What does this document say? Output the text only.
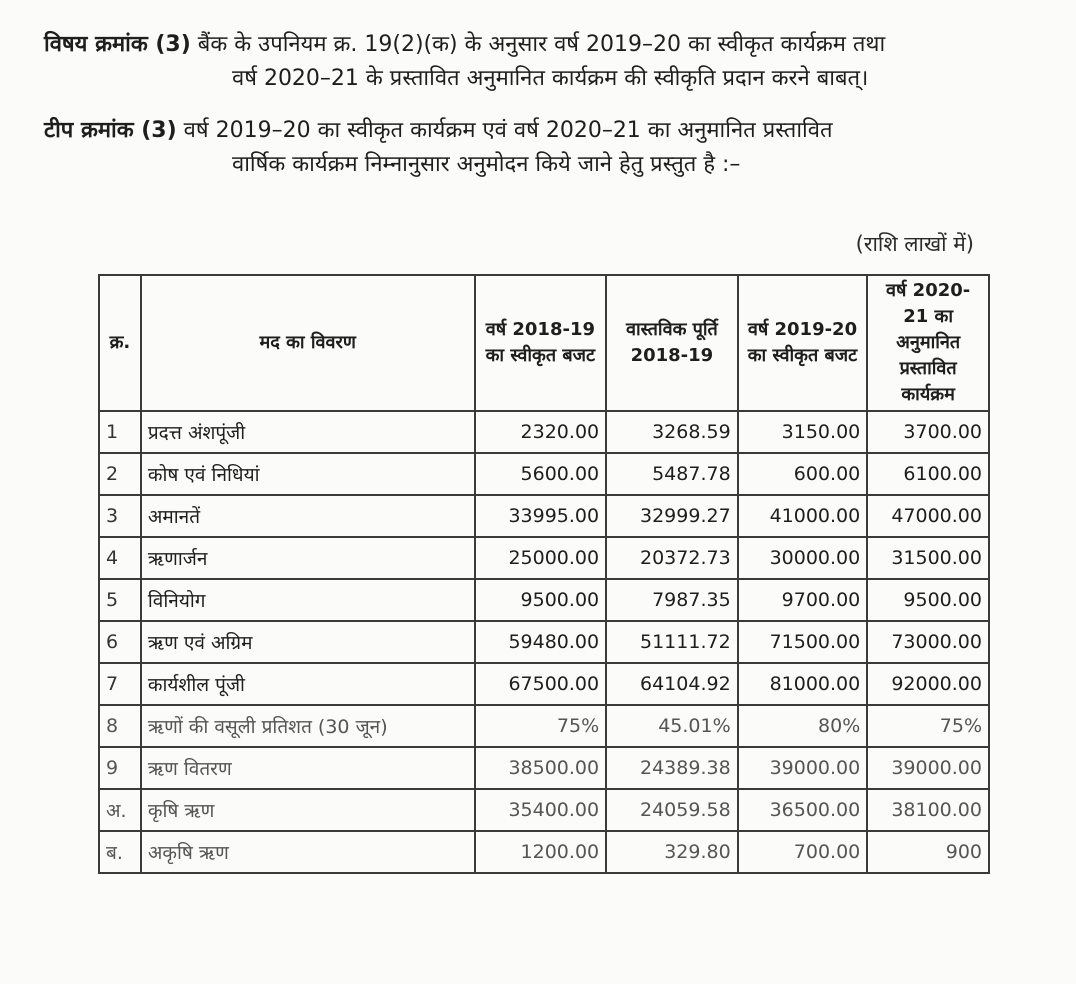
विषय क्रमांक (3) बैंक के उपनियम क्र. 19(2)(क) के अनुसार वर्ष 2019–20 का स्वीकृत कार्यक्रम तथा
वर्ष 2020–21 के प्रस्तावित अनुमानित कार्यक्रम की स्वीकृति प्रदान करने बाबत्।
टीप क्रमांक (3) वर्ष 2019–20 का स्वीकृत कार्यक्रम एवं वर्ष 2020–21 का अनुमानित प्रस्तावित
वार्षिक कार्यक्रम निम्नानुसार अनुमोदन किये जाने हेतु प्रस्तुत है :–
(राशि लाखों में)
क्र.	मद का विवरण	वर्ष 2018-19 का स्वीकृत बजट	वास्तविक पूर्ति 2018-19	वर्ष 2019-20 का स्वीकृत बजट	वर्ष 2020-21 का अनुमानित प्रस्तावित कार्यक्रम
1	प्रदत्त अंशपूंजी	2320.00	3268.59	3150.00	3700.00
2	कोष एवं निधियां	5600.00	5487.78	600.00	6100.00
3	अमानतें	33995.00	32999.27	41000.00	47000.00
4	ऋणार्जन	25000.00	20372.73	30000.00	31500.00
5	विनियोग	9500.00	7987.35	9700.00	9500.00
6	ऋण एवं अग्रिम	59480.00	51111.72	71500.00	73000.00
7	कार्यशील पूंजी	67500.00	64104.92	81000.00	92000.00
8	ऋणों की वसूली प्रतिशत (30 जून)	75%	45.01%	80%	75%
9	ऋण वितरण	38500.00	24389.38	39000.00	39000.00
अ.	कृषि ऋण	35400.00	24059.58	36500.00	38100.00
ब.	अकृषि ऋण	1200.00	329.80	700.00	900
